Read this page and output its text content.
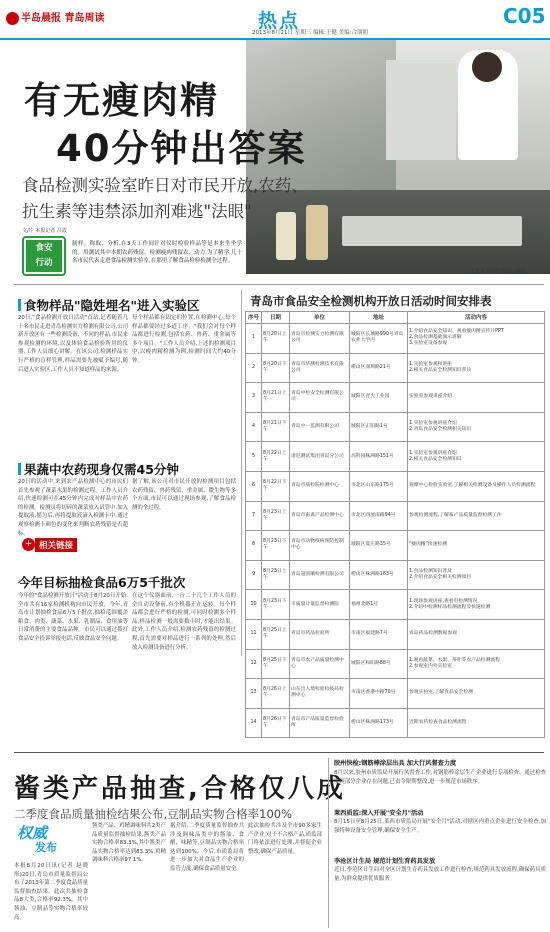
半岛晨报 青岛周读	热点	C05
2013年8月21日 星期三 编辑:于健 美编:合朋朋
工作人员对样品进行各样。
有无瘦肉精
40分钟出答案
食品检测实验室昨日对市民开放,农药、
抗生素等违禁添加剂难逃"法眼"
文/片 本报记者 吕霞
食安
行动
制样、称取、分析,在3天工作间针对仪时检验样品等是本来坐坐学的。用测试其中本期农药残留、检测瘦肉残留农、动力,为了精学,几十名市民代表走进食品检测实验室,在那里了解食品检验检测全过程。
食物样品"隐姓埋名"进入实验区
20日,"食品检测开放日活动"首站,记者随着几十名市民走进青岛检测实力检测有限公司,公司新开放区有一些检测设备、不同的样品,市民来参观检测的环境,以及体验食品检验所用的仪器,工作人员细心讲解。在该公司,检测样品实行严格的盲样管理,样品需要先被赋予编号,随后进入实验区,工作人员不知道样品的来源。
每个样品都有固定的位置,在检测中心,每个样品都要经过多道工序。"我们会对每个样品都进行检测,包括农药、兽药、重金属等多个项目。"工作人员介绍,上述的检测项目中,以瘦肉精检测为例,检测时间大约40分钟。
果蔬中农药现身仅需45分钟
20日的活动中,来到农产品检测中心的市民们首先参观了蔬菜水果的检测过程。工作人员介绍,快速检测可在45分钟内完成对样品中农药的检测。检测员将切碎的蔬菜放入试管中,加入提取液,摇匀后,再将提取液滴入检测卡中,通过观察检测卡颜色的变化来判断农药残留是否超标。
据了解,该公司对市民开放的检测项目包括农药残留、兽药残留、重金属、微生物等多个方面,市民可以通过现场参观,了解食品检测的全过程。
+ 相关链接
今年目标抽检食品6万5千批次
今年的"食品检测开放日"活动于8月20日开始,全市共有16家检测机构向市民开放。今年,青岛市计划抽检食品6万5千批次,抽检范围覆盖粮食、肉类、蔬菜、水果、乳制品、食用油等日常消费的主要食品品种。市民可以通过拨打食品安全投诉举报电话,反映食品安全问题。
在这个仪器面前,一台二十几个工作人员的全自动设备前,有个机器正在运转。每个样品都会进行严格的检测,可同时检测多个样品,样品检测一般需要数小时,才能出结果。此外,工作人员介绍,检测农药残留的检测过程,首先需要对样品进行一系列的处理,然后放入检测设备进行分析。
青岛市食品安全检测机构开放日活动时间安排表
序号	日期	单位	地址	活动内容
1	8月20日上午	青岛市检测实力检测有限公司	城阳区长城路990号青岛农业大学内	1.介绍食品安全知识、观看瘦肉精宣传片PPT
2.食品检测基础演示讲解
3.实验室设备参观
2	8月20日下午	青岛市华测检测技术有限公司	崂山区深圳路21号	1.实验室参观和讲座
2.相关食品安全检测知识普及
3	8月21日上午	青岛中检安全检测有限公司	城阳区青大工业园	实验室参观讲座介绍
4	8月21日下午	青岛中一监测有限公司	城阳区正阳路1号	1.实验室参观讲座介绍
2.青岛食品安全检测相关知识
5	8月22日上午	谱尼测试集团青岛分公司	高科园株洲路151号	1.实验室参观讲座介绍
2.相关食品安全检测知识
6	8月22日下午	青岛市质检院检测中心	市北区山东路175号	观摩中心检验实验室,了解相关检测设备及操作人员检测流程
7	8月23日上午	青岛市畜禽产品检测中心	市北区四流南路94号	参观检测流程,了解畜产品质量监督检测工作
8	8月23日下午	青岛市动物疫病预防控制中心	城阳区夏庄路35号	"瘦肉精"快速检测
9	8月23日上午	青岛超国顺检测有限公司	崂山区株洲路163号	1.食品检测知识普及
2.介绍食品安全相关检测项目
10	8月23日下午	市质量计量监督检测院	福州北路1号	1.现场参观讲座,查看有检测情况
2.介绍中检测样品检测流程及快速检测
11	8月25日上午	青岛市药品检验所	市南区福建路7号	青岛药品检测数据参观
12	8月25日下午	青岛市农产品质量检测中心	城阳区和阳路88号	1.观看蔬菜、水果、茶叶等农产品检测流程
2.参观室内外实验室
13	8月26日上午	山东出入境检验检疫局检测中心	市南区香港中路70号	参观实验室,了解食品安全检测
14	8月26日下午	青岛市产品质量监督检验所	崂山区株洲路173号	近期农药检查食品检测流程
酱类产品抽查,合格仅八成
二季度食品质量抽检结果公布,豆制品实物合格率100%
权威
发布
本报8月20日讯(记者 赵晓彤)20日,青岛市质量监督局公布了2013年第二季度食品质量监督抽查结果。此次共抽检食品8大类,合格率92.3%。其中酱油、豆制品等实物合格率较高。
酱类产品、鸡精调味料共2类产品质量监督抽检结果,酱类产品实物合格率83.3%,其中酱类产品实物合格率达到83.3%,鸡精调味料合格率97.1%。
据介绍,二季度质量监督抽查共涉及调味品类中的酱油、食醋、味精等,豆制品实物合格率达到100%。今后,市质监局将进一步加大对食品生产企业的监管力度,确保食品质量安全。
此次抽检共涉及全市90多家生产企业,对于不合格产品,质监部门将依法进行处理,并督促企业整改,确保产品质量。
胶州快检:钢筋棒涂层出具 加大行风督查力度
8月以来,胶州市质监局开展行风督查工作,对钢筋棒涂层生产企业进行专项检查。通过检查发现部分企业存在问题,已责令限期整改,进一步规范市场秩序。
莱西质监:深入开展"安全月"活动
8月15日至8月25日,莱西市质监局开展"安全月"活动,对辖区内重点企业进行安全检查,加强特种设备安全管理,确保安全生产。
李沧区计生局 规范计划生育药具发放
近日,李沧区计生局对全区计划生育药具发放工作进行检查,规范药具发放流程,确保药具质量,为群众提供优质服务。
